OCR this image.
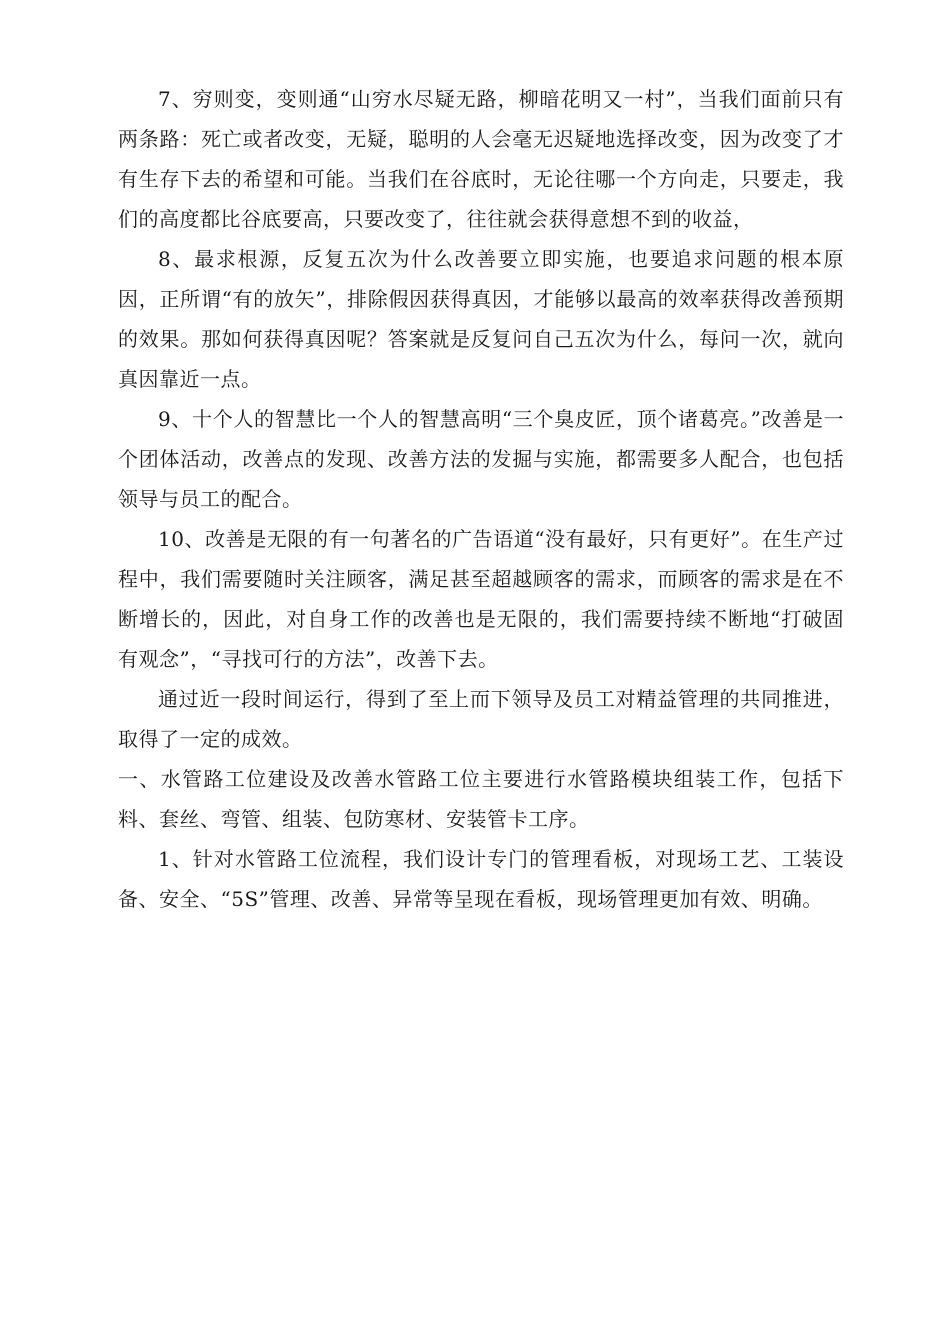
7、穷则变，变则通“山穷水尽疑无路，柳暗花明又一村”，当我们面前只有两条路：死亡或者改变，无疑，聪明的人会毫无迟疑地选择改变，因为改变了才有生存下去的希望和可能。当我们在谷底时，无论往哪一个方向走，只要走，我们的高度都比谷底要高，只要改变了，往往就会获得意想不到的收益，

8、最求根源，反复五次为什么改善要立即实施，也要追求问题的根本原因，正所谓“有的放矢”，排除假因获得真因，才能够以最高的效率获得改善预期的效果。那如何获得真因呢？答案就是反复问自己五次为什么，每问一次，就向真因靠近一点。

9、十个人的智慧比一个人的智慧高明“三个臭皮匠，顶个诸葛亮。”改善是一个团体活动，改善点的发现、改善方法的发掘与实施，都需要多人配合，也包括领导与员工的配合。

10、改善是无限的有一句著名的广告语道“没有最好，只有更好”。在生产过程中，我们需要随时关注顾客，满足甚至超越顾客的需求，而顾客的需求是在不断增长的，因此，对自身工作的改善也是无限的，我们需要持续不断地“打破固有观念”，“寻找可行的方法”，改善下去。

通过近一段时间运行，得到了至上而下领导及员工对精益管理的共同推进，取得了一定的成效。

一、水管路工位建设及改善水管路工位主要进行水管路模块组装工作，包括下料、套丝、弯管、组装、包防寒材、安装管卡工序。

1、针对水管路工位流程，我们设计专门的管理看板，对现场工艺、工装设备、安全、“5S”管理、改善、异常等呈现在看板，现场管理更加有效、明确。
